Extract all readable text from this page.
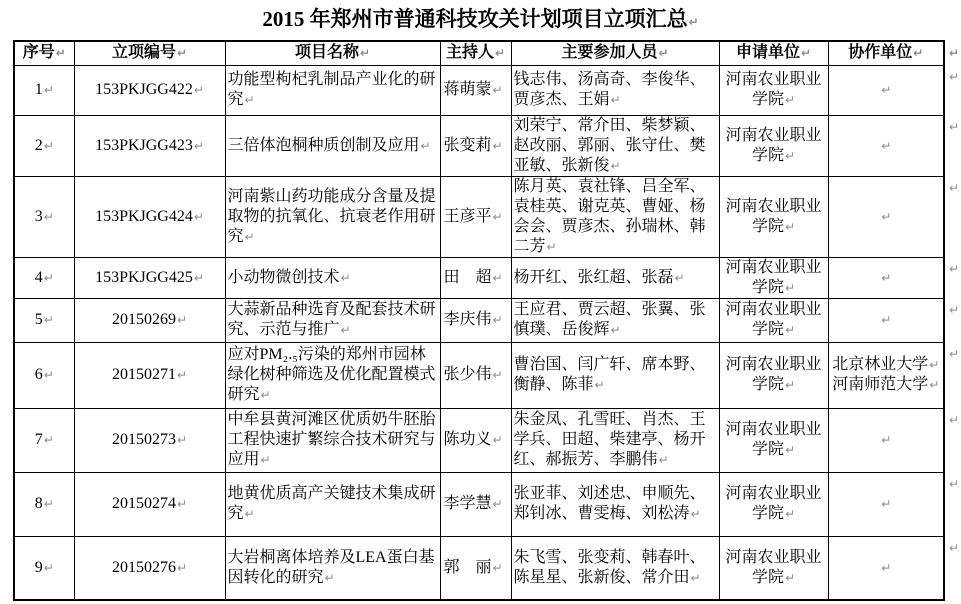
2015 年郑州市普通科技攻关计划项目立项汇总↵
序号↵	立项编号↵	项目名称↵	主持人↵	主要参加人员↵	申请单位↵	协作单位↵ ↵

1↵	153PKJGG422↵	功能型枸杞乳制品产业化的研究↵	蒋萌蒙↵	钱志伟、汤高奇、李俊华、贾彦杰、王娟↵	河南农业职业学院↵	↵
↵

2↵	153PKJGG423↵	三倍体泡桐种质创制及应用↵	张变莉↵	刘荣宁、常介田、柴梦颖、赵改丽、郭丽、张守仕、樊亚敏、张新俊↵	河南农业职业学院↵	↵
↵

3↵	153PKJGG424↵	河南紫山药功能成分含量及提取物的抗氧化、抗衰老作用研究↵	王彦平↵	陈月英、袁社锋、吕全军、袁桂英、谢克英、曹娅、杨会会、贾彦杰、孙瑞林、韩二芳↵	河南农业职业学院↵	↵
↵

4↵	153PKJGG425↵	小动物微创技术↵	田　超↵	杨开红、张红超、张磊↵	河南农业职业学院↵	↵
↵

5↵	20150269↵	大蒜新品种选育及配套技术研究、示范与推广↵	李庆伟↵	王应君、贾云超、张翼、张慎璞、岳俊辉↵	河南农业职业学院↵	↵
↵

6↵	20150271↵	应对PM₂.₅污染的郑州市园林绿化树种筛选及优化配置模式研究↵	张少伟↵	曹治国、闫广轩、席本野、衡静、陈菲↵	河南农业职业学院↵	北京林业大学↵
河南师范大学↵
↵

7↵	20150273↵	中牟县黄河滩区优质奶牛胚胎工程快速扩繁综合技术研究与应用↵	陈功义↵	朱金凤、孔雪旺、肖杰、王学兵、田超、柴建亭、杨开红、郝振芳、李鹏伟↵	河南农业职业学院↵	↵
↵

8↵	20150274↵	地黄优质高产关键技术集成研究↵	李学慧↵	张亚菲、刘述忠、申顺先、郑钊冰、曹雯梅、刘松涛↵	河南农业职业学院↵	↵
↵

9↵	20150276↵	大岩桐离体培养及LEA蛋白基因转化的研究↵	郭　丽↵	朱飞雪、张变莉、韩春叶、陈星星、张新俊、常介田↵	河南农业职业学院↵	↵
↵
